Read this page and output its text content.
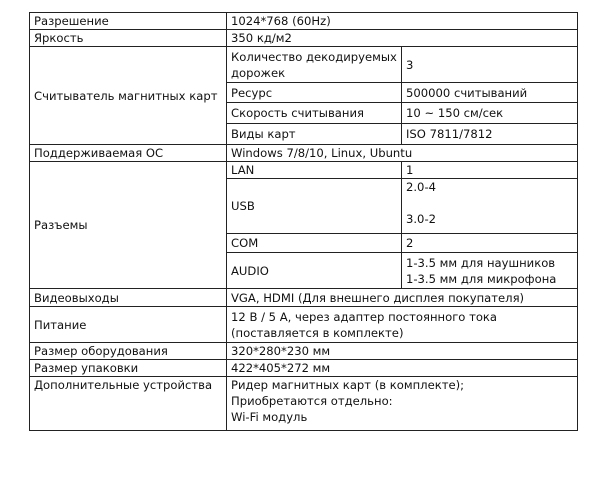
Разрешение	1024*768 (60Hz)	
Яркость	350 кд/м2	
Считыватель магнитных карт	Количество декодируемых дорожек	3
	Ресурс	500000 считываний
	Скорость считывания	10 ~ 150 см/сек
	Виды карт	ISO 7811/7812
Поддерживаемая ОС	Windows 7/8/10, Linux, Ubuntu	
Разъемы	LAN	1
	USB	2.0-4
3.0-2

	COM	2
	AUDIO	1-3.5 мм для наушников
1-3.5 мм для микрофона

Видеовыходы	VGA, HDMI (Для внешнего дисплея покупателя)	
Питание	12 В / 5 А, через адаптер постоянного тока
(поставляется в комплекте)	

Размер оборудования	320*280*230 мм	
Размер упаковки	422*405*272 мм	
Дополнительные устройства	Ридер магнитных карт (в комплекте);
Приобретаются отдельно:
Wi-Fi модуль	
